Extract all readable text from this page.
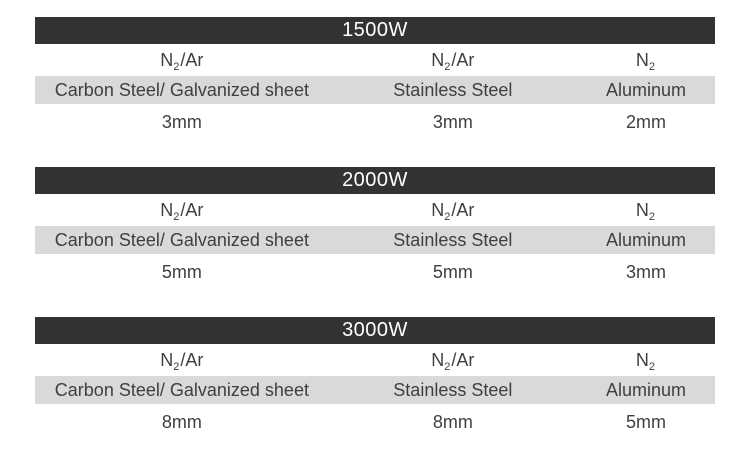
1500W
$N_2/Ar$	$N_2/Ar$	$N_2$
Carbon Steel/ Galvanized sheet	Stainless Steel	Aluminum
3mm	3mm	2mm
2000W
$N_2/Ar$	$N_2/Ar$	$N_2$
Carbon Steel/ Galvanized sheet	Stainless Steel	Aluminum
5mm	5mm	3mm
3000W
$N_2/Ar$	$N_2/Ar$	$N_2$
Carbon Steel/ Galvanized sheet	Stainless Steel	Aluminum
8mm	8mm	5mm
